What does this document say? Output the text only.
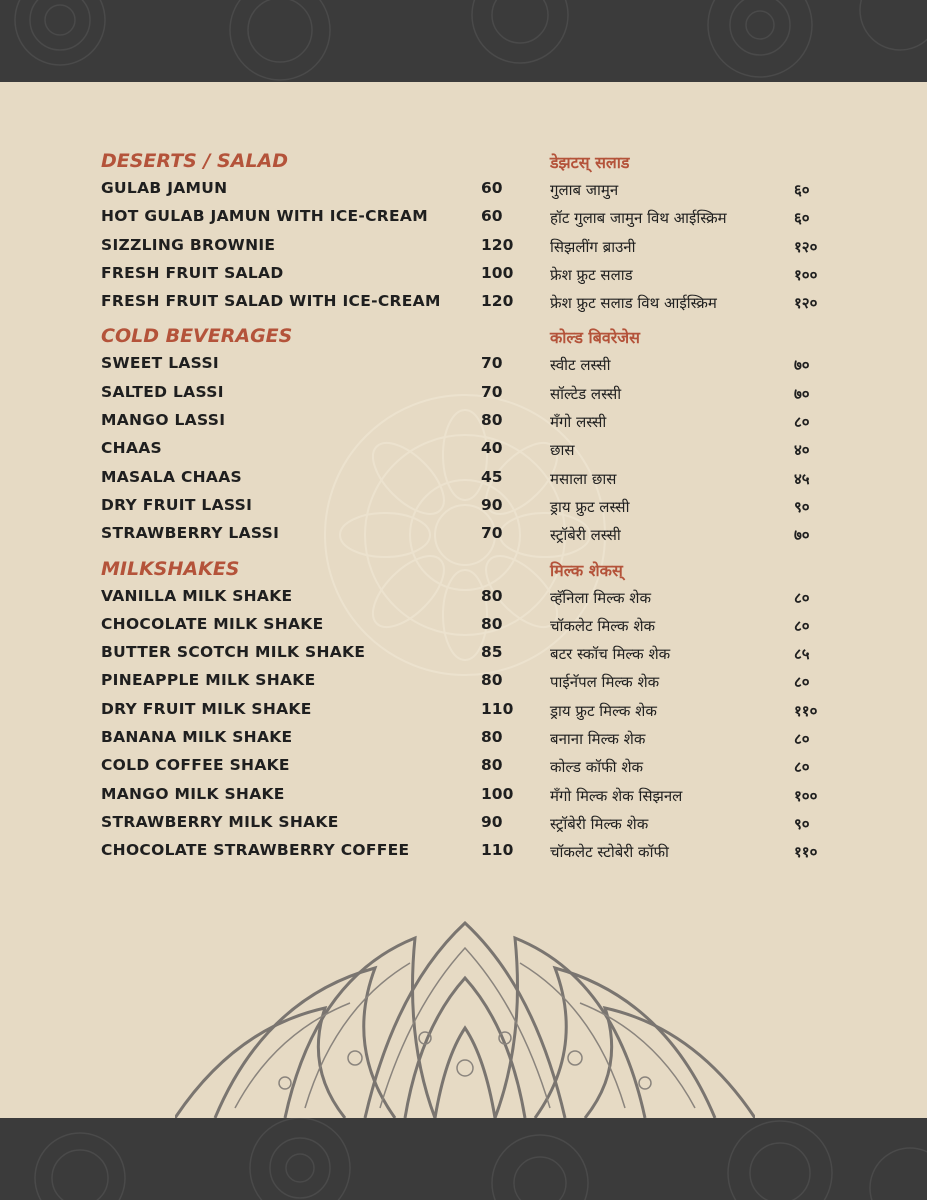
DESERTS / SALAD
GULAB JAMUN	60
HOT GULAB JAMUN WITH ICE-CREAM	60
SIZZLING BROWNIE	120
FRESH FRUIT SALAD	100
FRESH FRUIT SALAD WITH ICE-CREAM	120
COLD BEVERAGES
SWEET LASSI	70
SALTED LASSI	70
MANGO LASSI	80
CHAAS	40
MASALA CHAAS	45
DRY FRUIT LASSI	90
STRAWBERRY LASSI	70
MILKSHAKES
VANILLA MILK SHAKE	80
CHOCOLATE MILK SHAKE	80
BUTTER SCOTCH MILK SHAKE	85
PINEAPPLE MILK SHAKE	80
DRY FRUIT MILK SHAKE	110
BANANA MILK SHAKE	80
COLD COFFEE SHAKE	80
MANGO MILK SHAKE	100
STRAWBERRY MILK SHAKE	90
CHOCOLATE STRAWBERRY COFFEE	110
डेझटस् सलाड
गुलाब जामुन	६०
हॉट गुलाब जामुन विथ आईस्क्रिम	६०
सिझलींग ब्राउनी	१२०
फ्रेश फ्रुट सलाड	१००
फ्रेश फ्रुट सलाड विथ आईस्क्रिम	१२०
कोल्ड बिवरेजेस
स्वीट लस्सी	७०
सॉल्टेड लस्सी	७०
मॅंगो लस्सी	८०
छास	४०
मसाला छास	४५
ड्राय फ्रुट लस्सी	९०
स्ट्रॉबेरी लस्सी	७०
मिल्क शेकस्
व्हॅनिला मिल्क शेक	८०
चॉकलेट मिल्क शेक	८०
बटर स्कॉच मिल्क शेक	८५
पाईनॅपल मिल्क शेक	८०
ड्राय फ्रुट मिल्क शेक	११०
बनाना मिल्क शेक	८०
कोल्ड कॉफी शेक	८०
मॅंगो मिल्क शेक सिझनल	१००
स्ट्रॉबेरी मिल्क शेक	९०
चॉकलेट स्टोबेरी कॉफी	११०
